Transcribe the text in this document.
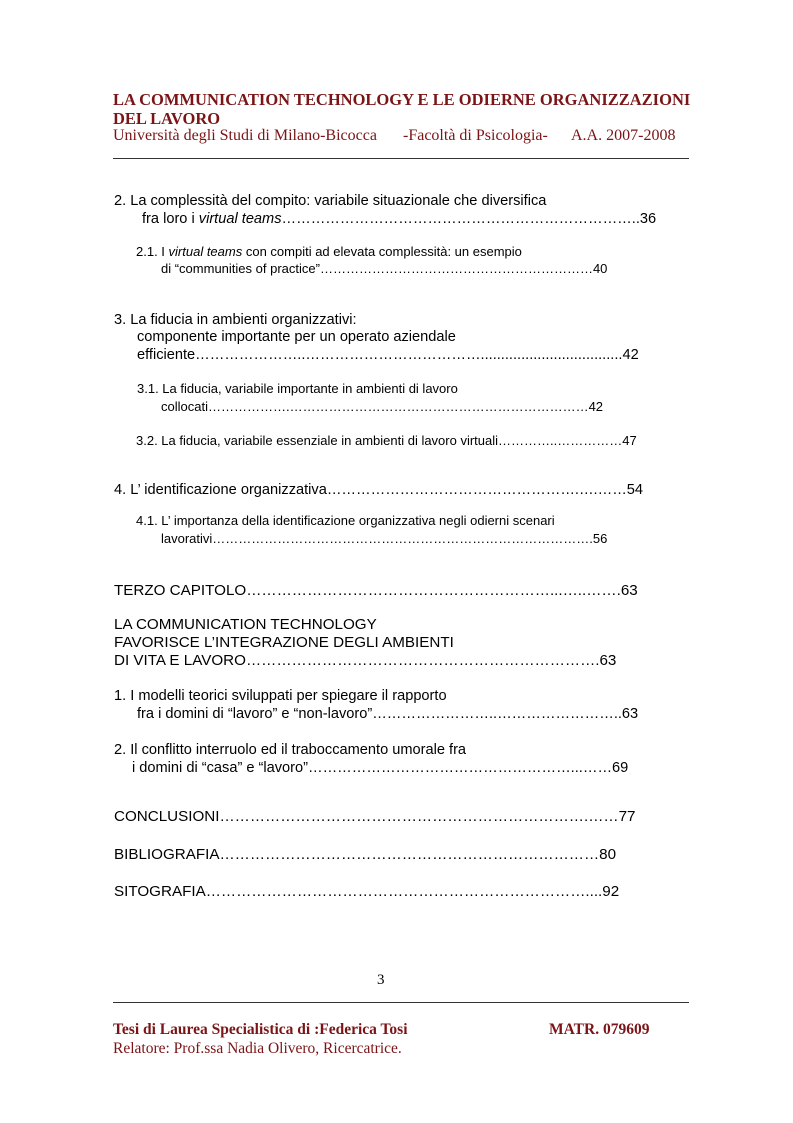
LA COMMUNICATION TECHNOLOGY E LE ODIERNE ORGANIZZAZIONI
DEL LAVORO
Università degli Studi di Milano-Bicocca -Facoltà di Psicologia- A.A. 2007-2008
2. La complessità del compito: variabile situazionale che diversifica
fra loro i virtual teams………………………………………………………………..36
2.1. I virtual teams con compiti ad elevata complessità: un esempio
di “communities of practice”………………………………………………………40
3. La fiducia in ambienti organizzativi:
componente importante per un operato aziendale
efficiente…………………..………………………………...................................42
3.1. La fiducia, variabile importante in ambienti di lavoro
collocati……………….……………………………………………………………42
3.2. La fiducia, variabile essenziale in ambienti di lavoro virtuali…………..……………47
4. L’ identificazione organizzativa…………………………………………….….……54
4.1. L’ importanza della identificazione organizzativa negli odierni scenari
lavorativi…………………………………………………………………………….56
TERZO CAPITOLO……………………………………………………...…..…….63
LA COMMUNICATION TECHNOLOGY
FAVORISCE L’INTEGRAZIONE DEGLI AMBIENTI
DI VITA E LAVORO…………………………………………………………….63
1. I modelli teorici sviluppati per spiegare il rapporto
fra i domini di “lavoro” e “non-lavoro”……………………..……………………..63
2. Il conflitto interruolo ed il traboccamento umorale fra
i domini di “casa” e “lavoro”………………………………………………...……69
CONCLUSIONI……………………………………………………………….……77
BIBLIOGRAFIA…………………………………………………………………80
SITOGRAFIA…………………………………………………………………....92
3
Tesi di Laurea Specialistica di :Federica Tosi	MATR. 079609
Relatore: Prof.ssa Nadia Olivero, Ricercatrice.
